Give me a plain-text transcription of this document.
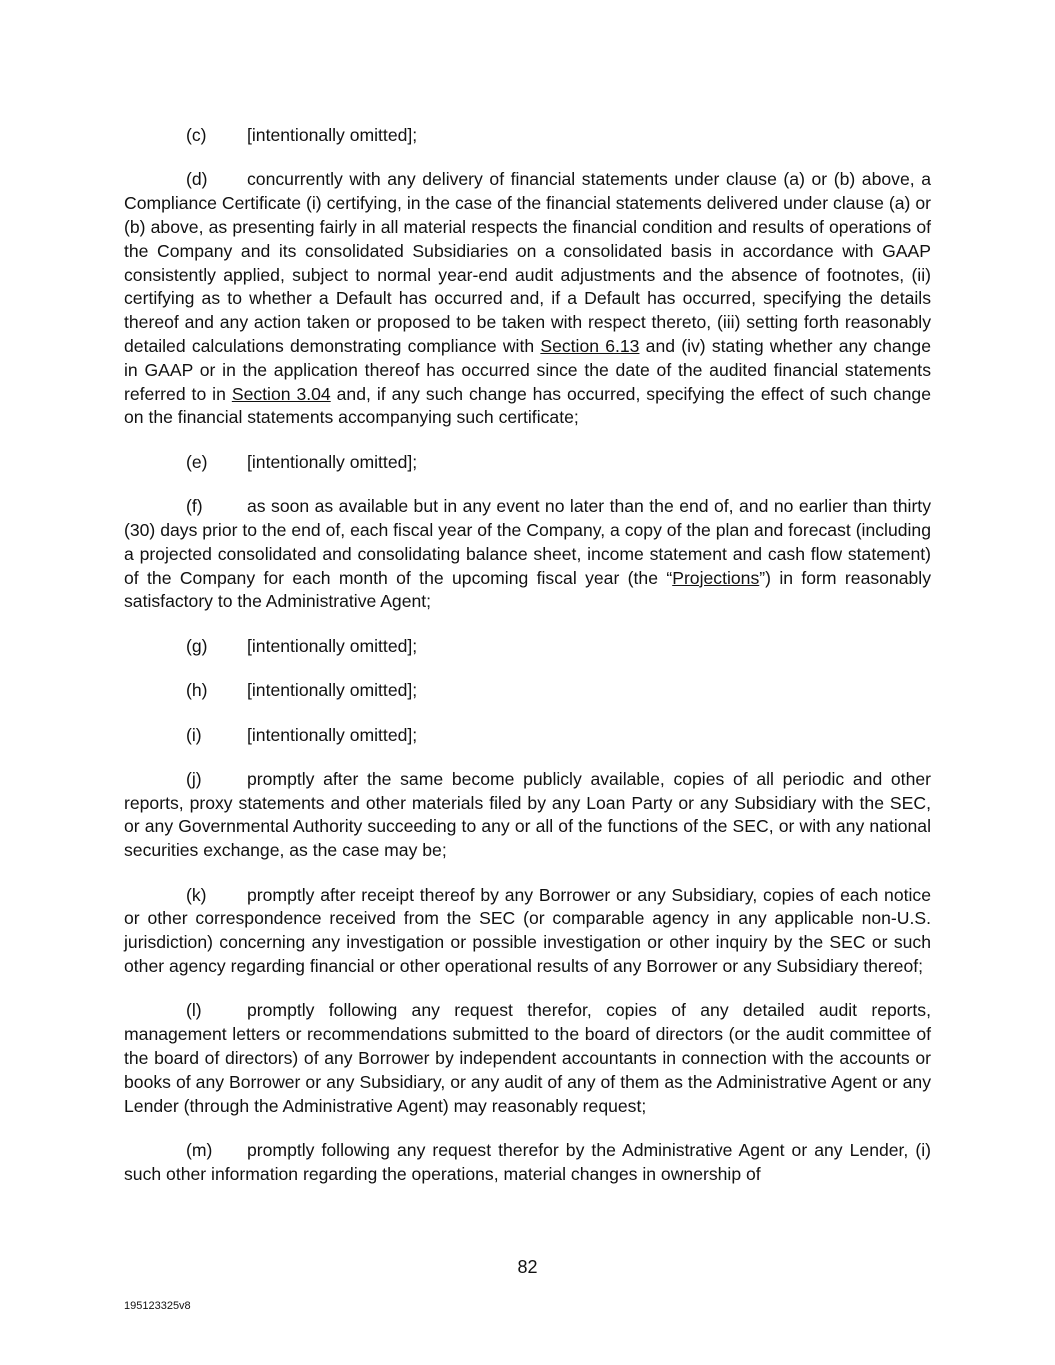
(c) [intentionally omitted];

(d) concurrently with any delivery of financial statements under clause (a) or (b) above, a Compliance Certificate (i) certifying, in the case of the financial statements delivered under clause (a) or (b) above, as presenting fairly in all material respects the financial condition and results of operations of the Company and its consolidated Subsidiaries on a consolidated basis in accordance with GAAP consistently applied, subject to normal year-end audit adjustments and the absence of footnotes, (ii) certifying as to whether a Default has occurred and, if a Default has occurred, specifying the details thereof and any action taken or proposed to be taken with respect thereto, (iii) setting forth reasonably detailed calculations demonstrating compliance with Section 6.13 and (iv) stating whether any change in GAAP or in the application thereof has occurred since the date of the audited financial statements referred to in Section 3.04 and, if any such change has occurred, specifying the effect of such change on the financial statements accompanying such certificate;

(e) [intentionally omitted];

(f)	as soon as available but in any event no later than the end of, and no earlier than thirty (30) days prior to the end of, each fiscal year of the Company, a copy of the plan and forecast (including a projected consolidated and consolidating balance sheet, income statement and cash flow statement) of the Company for each month of the upcoming fiscal year (the “Projections”) in form reasonably satisfactory to the Administrative Agent;

(g) [intentionally omitted];

(h) [intentionally omitted];

(i)	[intentionally omitted];

(j)	promptly after the same become publicly available, copies of all periodic and other reports, proxy statements and other materials filed by any Loan Party or any Subsidiary with the SEC, or any Governmental Authority succeeding to any or all of the functions of the SEC, or with any national securities exchange, as the case may be;

(k) promptly after receipt thereof by any Borrower or any Subsidiary, copies of each notice or other correspondence received from the SEC (or comparable agency in any applicable non-U.S. jurisdiction) concerning any investigation or possible investigation or other inquiry by the SEC or such other agency regarding financial or other operational results of any Borrower or any Subsidiary thereof;

(l)	promptly following any request therefor, copies of any detailed audit reports, management letters or recommendations submitted to the board of directors (or the audit committee of the board of directors) of any Borrower by independent accountants in connection with the accounts or books of any Borrower or any Subsidiary, or any audit of any of them as the Administrative Agent or any Lender (through the Administrative Agent) may reasonably request;

(m) promptly following any request therefor by the Administrative Agent or any Lender, (i) such other information regarding the operations, material changes in ownership of

82
195123325v8
